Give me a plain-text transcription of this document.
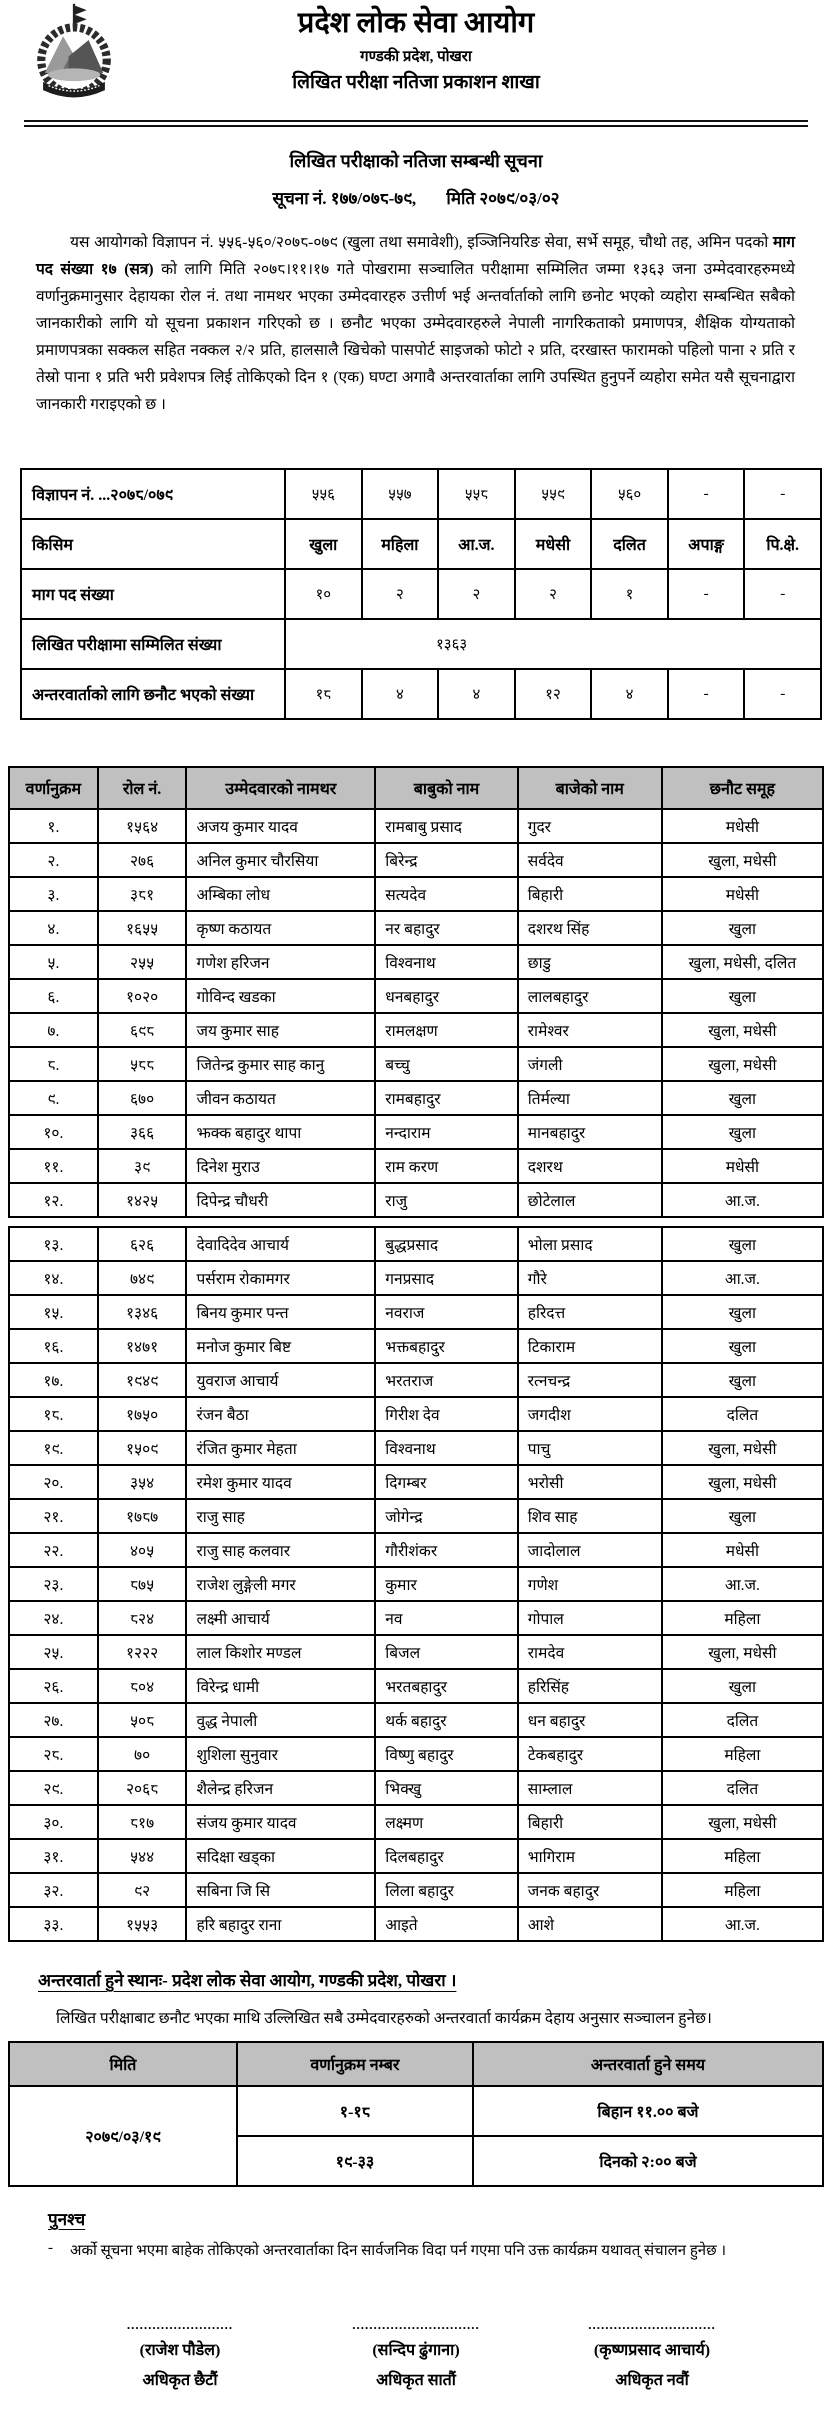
प्रदेश लोक सेवा आयोग
गण्डकी प्रदेश, पोखरा
लिखित परीक्षा नतिजा प्रकाशन शाखा
लिखित परीक्षाको नतिजा सम्बन्धी सूचना
सूचना नं. १७७/०७८-७९, मिति २०७९/०३/०२

यस आयोगको विज्ञापन नं. ५५६-५६०/२०७८-०७९ (खुला तथा समावेशी), इञ्जिनियरिङ सेवा, सर्भे समूह, चौथो तह, अमिन पदको माग पद संख्या १७ (सत्र) को लागि मिति २०७८।११।१७ गते पोखरामा सञ्चालित परीक्षामा सम्मिलित जम्मा १३६३ जना उम्मेदवारहरुमध्ये वर्णानुक्रमानुसार देहायका रोल नं. तथा नामथर भएका उम्मेदवारहरु उत्तीर्ण भई अन्तर्वार्ताको लागि छनोट भएको व्यहोरा सम्बन्धित सबैको जानकारीको लागि यो सूचना प्रकाशन गरिएको छ । छनौट भएका उम्मेदवारहरुले नेपाली नागरिकताको प्रमाणपत्र, शैक्षिक योग्यताको प्रमाणपत्रका सक्कल सहित नक्कल २/२ प्रति, हालसालै खिचेको पासपोर्ट साइजको फोटो २ प्रति, दरखास्त फारामको पहिलो पाना २ प्रति र तेस्रो पाना १ प्रति भरी प्रवेशपत्र लिई तोकिएको दिन १ (एक) घण्टा अगावै अन्तरवार्ताका लागि उपस्थित हुनुपर्ने व्यहोरा समेत यसै सूचनाद्वारा जानकारी गराइएको छ ।

विज्ञापन नं. ...२०७८/०७९	५५६	५५७	५५८	५५९	५६०	-	-
किसिम	खुला	महिला	आ.ज.	मधेसी	दलित	अपाङ्ग	पि.क्षे.
माग पद संख्या	१०	२	२	२	१	-	-
लिखित परीक्षामा सम्मिलित संख्या	१३६३						
अन्तरवार्ताको लागि छनौट भएको संख्या	१८	४	४	१२	४	-	-
वर्णानुक्रम	रोल नं.	उम्मेदवारको नामथर	बाबुको नाम	बाजेको नाम	छनौट समूह
१.	१५६४	अजय कुमार यादव	रामबाबु प्रसाद	गुदर	मधेसी
२.	२७६	अनिल कुमार चौरसिया	बिरेन्द्र	सर्वदेव	खुला, मधेसी
३.	३८१	अम्बिका लोध	सत्यदेव	बिहारी	मधेसी
४.	१६५५	कृष्ण कठायत	नर बहादुर	दशरथ सिंह	खुला
५.	२५५	गणेश हरिजन	विश्वनाथ	छाडु	खुला, मधेसी, दलित
६.	१०२०	गोविन्द खडका	धनबहादुर	लालबहादुर	खुला
७.	६९८	जय कुमार साह	रामलक्षण	रामेश्वर	खुला, मधेसी
८.	५८८	जितेन्द्र कुमार साह कानु	बच्चु	जंगली	खुला, मधेसी
९.	६७०	जीवन कठायत	रामबहादुर	तिर्मल्या	खुला
१०.	३६६	झक्क बहादुर थापा	नन्दाराम	मानबहादुर	खुला
११.	३९	दिनेश मुराउ	राम करण	दशरथ	मधेसी
१२.	१४२५	दिपेन्द्र चौधरी	राजु	छोटेलाल	आ.ज.
१३.	६२६	देवादिदेव आचार्य	बुद्धप्रसाद	भोला प्रसाद	खुला
१४.	७४९	पर्सराम रोकामगर	गनप्रसाद	गौरे	आ.ज.
१५.	१३४६	बिनय कुमार पन्त	नवराज	हरिदत्त	खुला
१६.	१४७१	मनोज कुमार बिष्ट	भक्तबहादुर	टिकाराम	खुला
१७.	१९४९	युवराज आचार्य	भरतराज	रत्नचन्द्र	खुला
१८.	१७५०	रंजन बैठा	गिरीश देव	जगदीश	दलित
१९.	१५०९	रंजित कुमार मेहता	विश्वनाथ	पाचु	खुला, मधेसी
२०.	३५४	रमेश कुमार यादव	दिगम्बर	भरोसी	खुला, मधेसी
२१.	१७८७	राजु साह	जोगेन्द्र	शिव साह	खुला
२२.	४०५	राजु साह कलवार	गौरीशंकर	जादोलाल	मधेसी
२३.	८७५	राजेश लुङ्गेली मगर	कुमार	गणेश	आ.ज.
२४.	८२४	लक्ष्मी आचार्य	नव	गोपाल	महिला
२५.	१२२२	लाल किशोर मण्डल	बिजल	रामदेव	खुला, मधेसी
२६.	८०४	विरेन्द्र धामी	भरतबहादुर	हरिसिंह	खुला
२७.	५०८	वुद्ध नेपाली	थर्क बहादुर	धन बहादुर	दलित
२८.	७०	शुशिला सुनुवार	विष्णु बहादुर	टेकबहादुर	महिला
२९.	२०६८	शैलेन्द्र हरिजन	भिक्खु	साम्लाल	दलित
३०.	८१७	संजय कुमार यादव	लक्ष्मण	बिहारी	खुला, मधेसी
३१.	५४४	सदिक्षा खड्का	दिलबहादुर	भागिराम	महिला
३२.	९२	सबिना जि सि	लिला बहादुर	जनक बहादुर	महिला
३३.	१५५३	हरि बहादुर राना	आइते	आशे	आ.ज.
अन्तरवार्ता हुने स्थानः- प्रदेश लोक सेवा आयोग, गण्डकी प्रदेश, पोखरा ।
लिखित परीक्षाबाट छनौट भएका माथि उल्लिखित सबै उम्मेदवारहरुको अन्तरवार्ता कार्यक्रम देहाय अनुसार सञ्चालन हुनेछ।
मिति	वर्णानुक्रम नम्बर	अन्तरवार्ता हुने समय
२०७९/०३/१९	१-१८	बिहान ११.०० बजे
	१९-३३	दिनको २:०० बजे
पुनश्च
-	अर्को सूचना भएमा बाहेक तोकिएको अन्तरवार्ताका दिन सार्वजनिक विदा पर्न गएमा पनि उक्त कार्यक्रम यथावत् संचालन हुनेछ ।
.........................
(राजेश पौडेल)
अधिकृत छैटौं
..............................
(सन्दिप ढुंगाना)
अधिकृत सातौं
..............................
(कृष्णप्रसाद आचार्य)
अधिकृत नवौं
